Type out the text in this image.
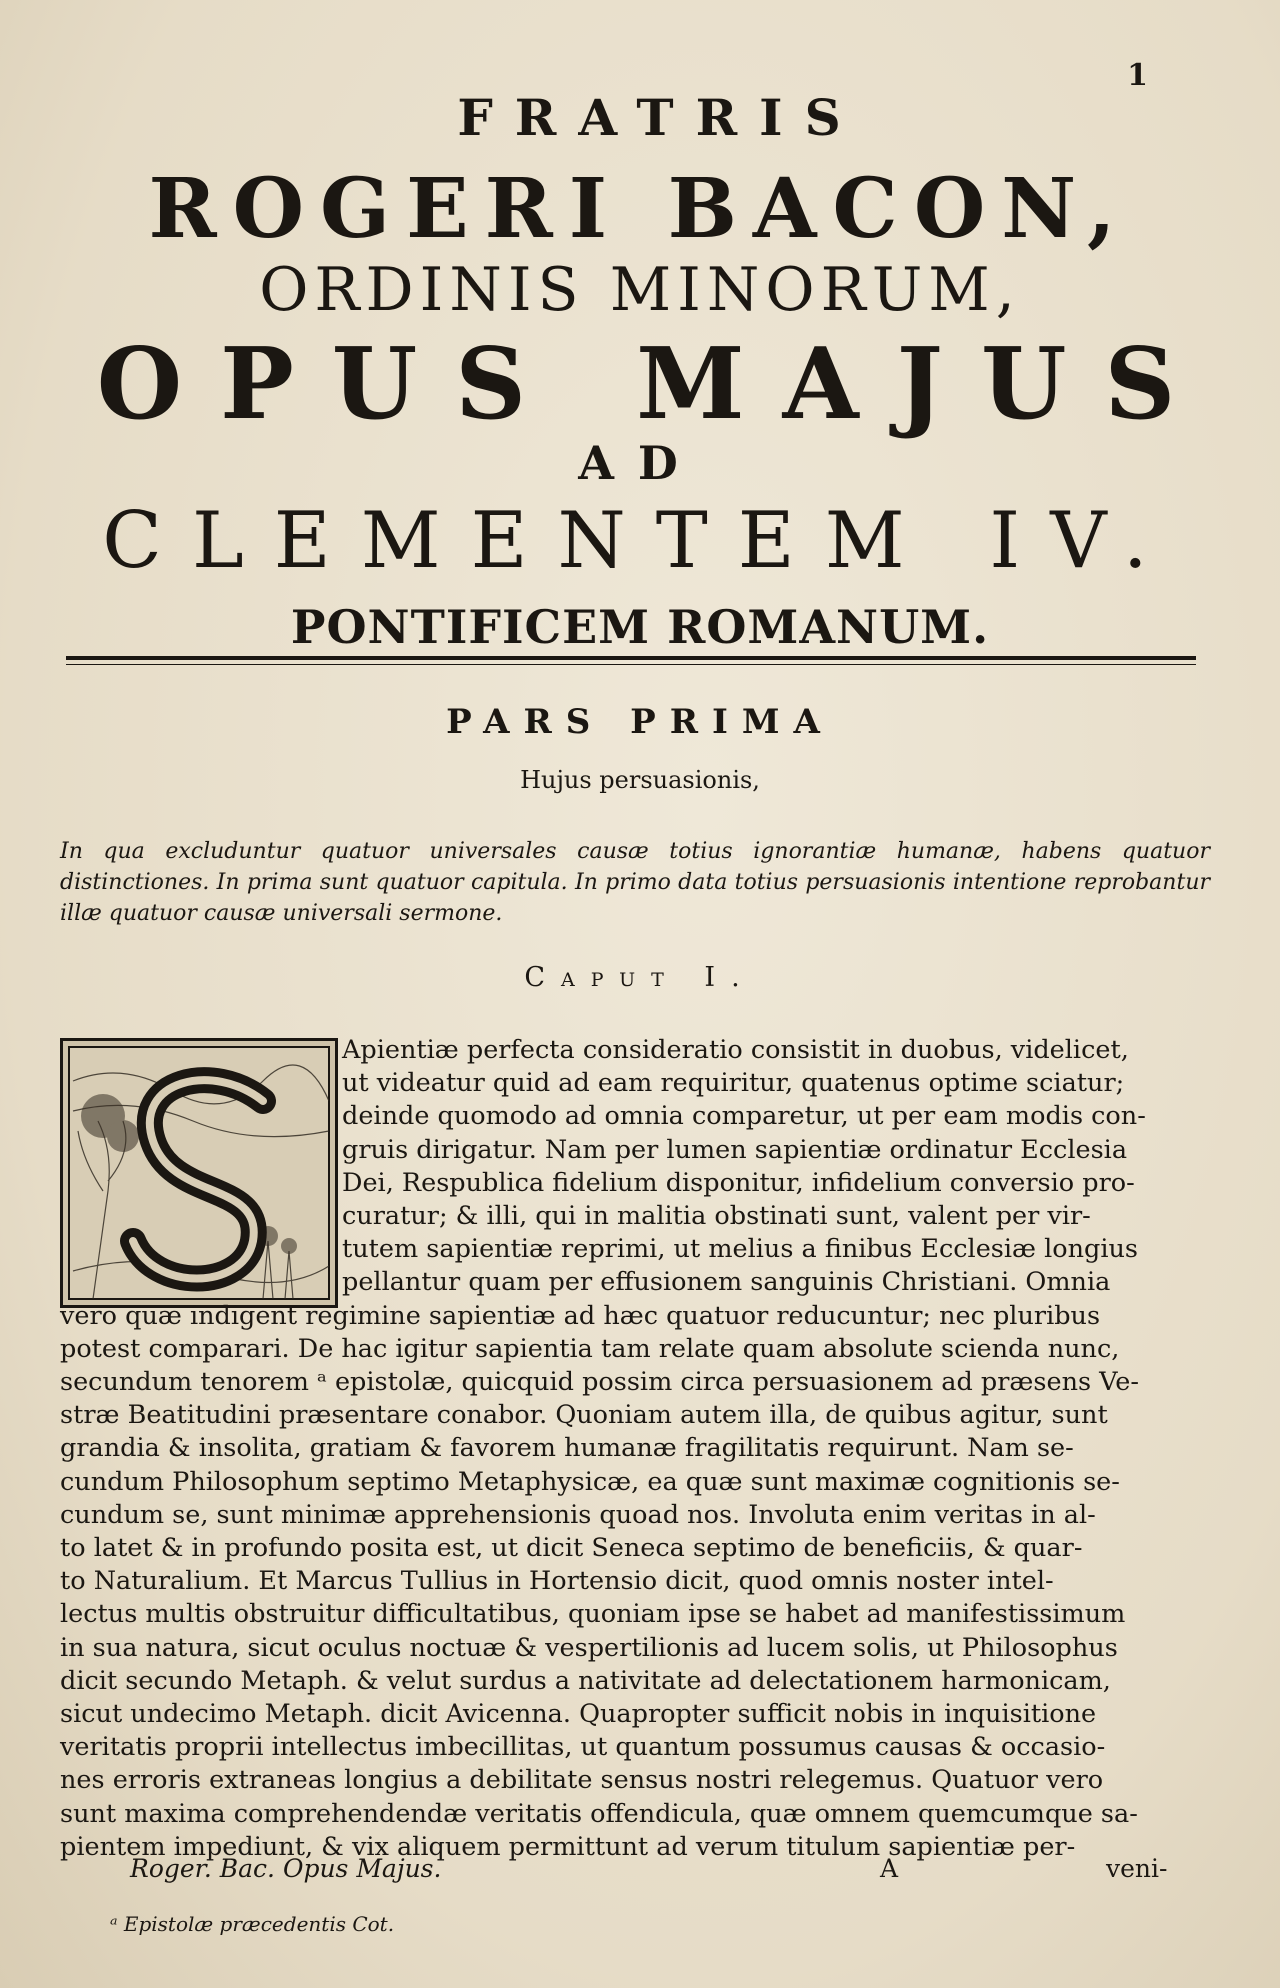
1
FRATRIS
ROGERI BACON,
ORDINIS MINORUM,
OPUS MAJUS
AD
CLEMENTEM IV.
PONTIFICEM ROMANUM.
PARS PRIMA
Hujus persuasionis,
In qua excluduntur quatuor universales causæ totius ignorantiæ humanæ, habens quatuor distinctiones. In prima sunt quatuor capitula. In primo data totius persuasionis intentione reprobantur illæ quatuor causæ universali sermone.
Caput I.
Apientiæ perfecta consideratio consistit in duobus, videlicet,
ut videatur quid ad eam requiritur, quatenus optime sciatur;
deinde quomodo ad omnia comparetur, ut per eam modis con-
gruis dirigatur. Nam per lumen sapientiæ ordinatur Ecclesia
Dei, Respublica fidelium disponitur, infidelium conversio pro-
curatur; & illi, qui in malitia obstinati sunt, valent per vir-
tutem sapientiæ reprimi, ut melius a finibus Ecclesiæ longius
pellantur quam per effusionem sanguinis Christiani. Omnia
vero quæ indigent regimine sapientiæ ad hæc quatuor reducuntur; nec pluribus
potest comparari. De hac igitur sapientia tam relate quam absolute scienda nunc,
secundum tenorem ᵃ epistolæ, quicquid possim circa persuasionem ad præsens Ve-
stræ Beatitudini præsentare conabor. Quoniam autem illa, de quibus agitur, sunt
grandia & insolita, gratiam & favorem humanæ fragilitatis requirunt. Nam se-
cundum Philosophum septimo Metaphysicæ, ea quæ sunt maximæ cognitionis se-
cundum se, sunt minimæ apprehensionis quoad nos. Involuta enim veritas in al-
to latet & in profundo posita est, ut dicit Seneca septimo de beneficiis, & quar-
to Naturalium. Et Marcus Tullius in Hortensio dicit, quod omnis noster intel-
lectus multis obstruitur difficultatibus, quoniam ipse se habet ad manifestissimum
in sua natura, sicut oculus noctuæ & vespertilionis ad lucem solis, ut Philosophus
dicit secundo Metaph. & velut surdus a nativitate ad delectationem harmonicam,
sicut undecimo Metaph. dicit Avicenna. Quapropter sufficit nobis in inquisitione
veritatis proprii intellectus imbecillitas, ut quantum possumus causas & occasio-
nes erroris extraneas longius a debilitate sensus nostri relegemus. Quatuor vero
sunt maxima comprehendendæ veritatis offendicula, quæ omnem quemcumque sa-
pientem impediunt, & vix aliquem permittunt ad verum titulum sapientiæ per-
Roger. Bac. Opus Majus.	A	veni-
ᵃ Epistolæ præcedentis Cot.
